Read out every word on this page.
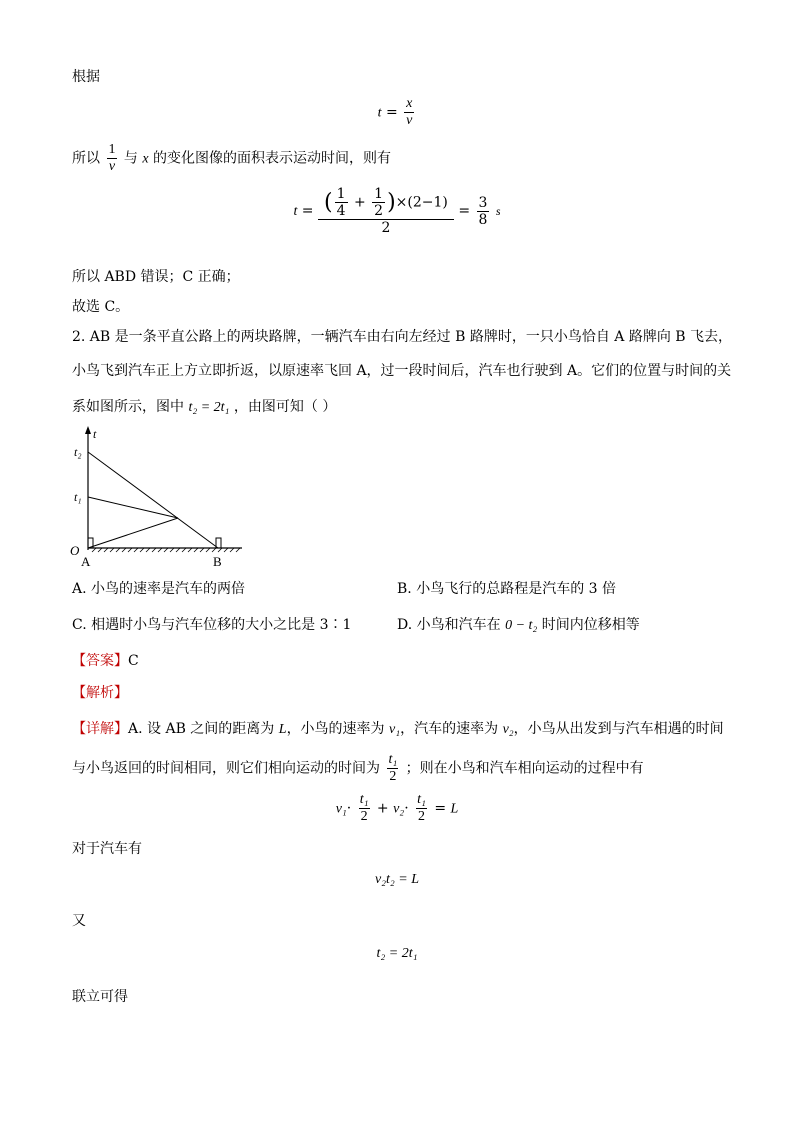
根据
$t = \frac{x}{v}$
所以 $\frac{1}{v}$ 与 x 的变化图像的面积表示运动时间，则有
$t = \frac{( \frac{1}{4} + \frac{1}{2} )\times(2-1)}{2} = \frac{3}{8}$ s
所以 ABD 错误；C 正确；
故选 C。
2. AB 是一条平直公路上的两块路牌，一辆汽车由右向左经过 B 路牌时，一只小鸟恰自 A 路牌向 B 飞去，
小鸟飞到汽车正上方立即折返，以原速率飞回 A，过一段时间后，汽车也行驶到 A。它们的位置与时间的关
系如图所示，图中 t₂ = 2t₁ ，由图可知（ ）
t
t₂
t₁
O
A	B
A. 小鸟的速率是汽车的两倍	B. 小鸟飞行的总路程是汽车的 3 倍
C. 相遇时小鸟与汽车位移的大小之比是 3∶1	D. 小鸟和汽车在 0 − t₂ 时间内位移相等
【答案】C
【解析】
【详解】A. 设 AB 之间的距离为 L，小鸟的速率为 v₁，汽车的速率为 v₂，小鸟从出发到与汽车相遇的时间
与小鸟返回的时间相同，则它们相向运动的时间为 $\frac{\text{t₁}}{2}$ ；则在小鸟和汽车相向运动的过程中有
$v_1\cdot \frac{\text{t₁}}{2} + v_2\cdot \frac{\text{t₁}}{2} = L$
对于汽车有
v₂t₂ = L
又
t₂ = 2t₁
联立可得
